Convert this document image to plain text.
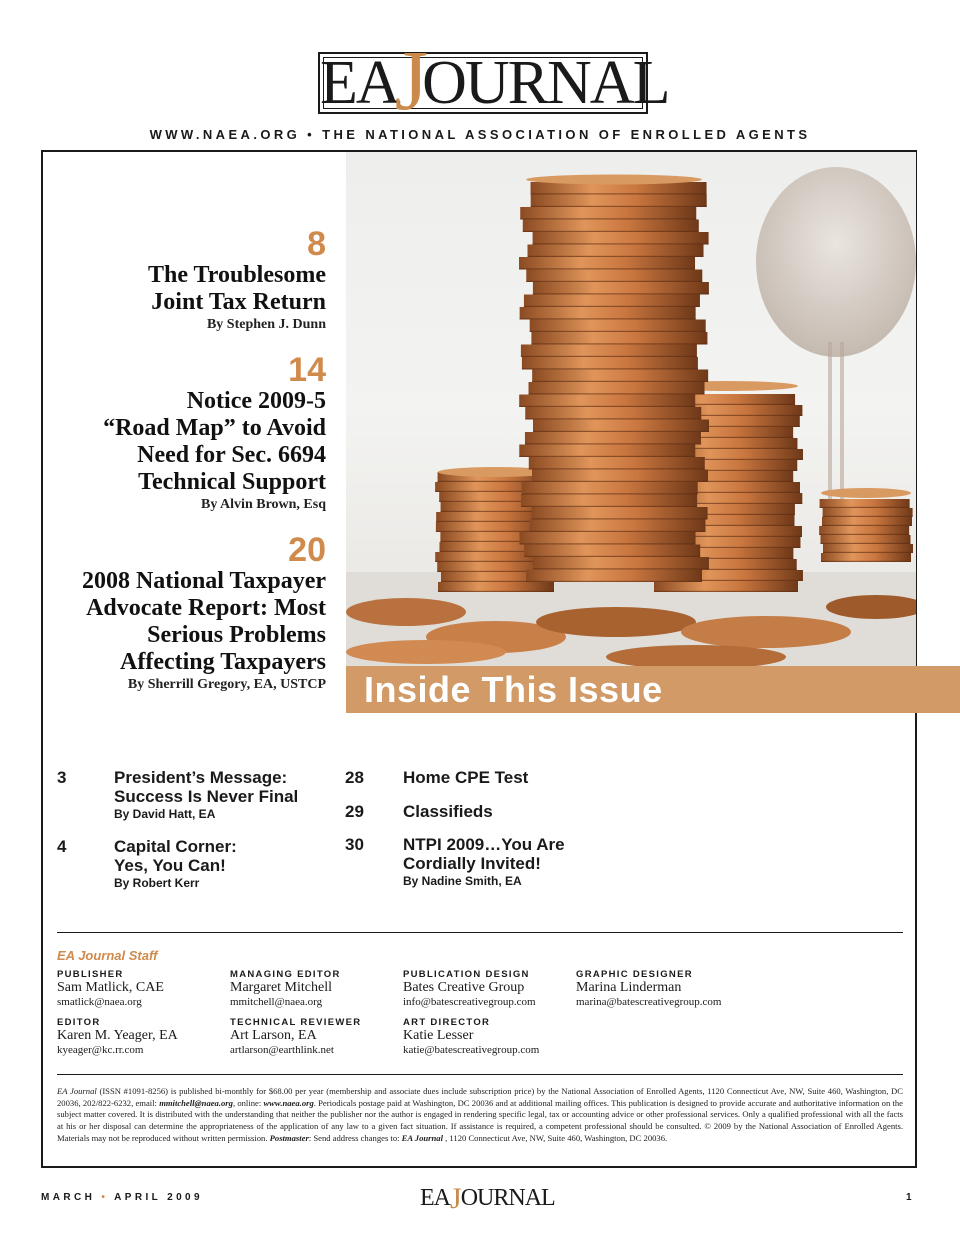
EAJOURNAL
WWW.NAEA.ORG • THE NATIONAL ASSOCIATION OF ENROLLED AGENTS
Inside This Issue
8
The Troublesome
Joint Tax Return
By Stephen J. Dunn
14
Notice 2009-5
“Road Map” to Avoid
Need for Sec. 6694
Technical Support
By Alvin Brown, Esq
20
2008 National Taxpayer
Advocate Report: Most
Serious Problems
Affecting Taxpayers
By Sherrill Gregory, EA, USTCP
3	President’s Message:
Success Is Never Final
By David Hatt, EA
4	Capital Corner:
Yes, You Can!
By Robert Kerr
28 Home CPE Test
29 Classifieds
30 NTPI 2009…You Are
Cordially Invited!
By Nadine Smith, EA
EA Journal Staff
PUBLISHER
Sam Matlick, CAE
smatlick@naea.org
MANAGING EDITOR
Margaret Mitchell
mmitchell@naea.org
PUBLICATION DESIGN
Bates Creative Group
info@batescreativegroup.com
GRAPHIC DESIGNER
Marina Linderman
marina@batescreativegroup.com
EDITOR
Karen M. Yeager, EA
kyeager@kc.rr.com
TECHNICAL REVIEWER
Art Larson, EA
artlarson@earthlink.net
ART DIRECTOR
Katie Lesser
katie@batescreativegroup.com
EA Journal (ISSN #1091-8256) is published bi-monthly for $68.00 per year (membership and associate dues include subscription price) by the National Association of Enrolled Agents, 1120 Connecticut Ave, NW, Suite 460, Washington, DC 20036, 202/822-6232, email: mmitchell@naea.org, online: www.naea.org. Periodicals postage paid at Washington, DC 20036 and at additional mailing offices. This publication is designed to provide accurate and authoritative information on the subject matter covered. It is distributed with the understanding that neither the publisher nor the author is engaged in rendering specific legal, tax or accounting advice or other professional services. Only a qualified professional with all the facts at his or her disposal can determine the appropriateness of the application of any law to a given fact situation. If assistance is required, a competent professional should be consulted. © 2009 by the National Association of Enrolled Agents. Materials may not be reproduced without written permission. Postmaster: Send address changes to: EA Journal , 1120 Connecticut Ave, NW, Suite 460, Washington, DC 20036.
MARCH • APRIL 2009	EAJOURNAL	1
